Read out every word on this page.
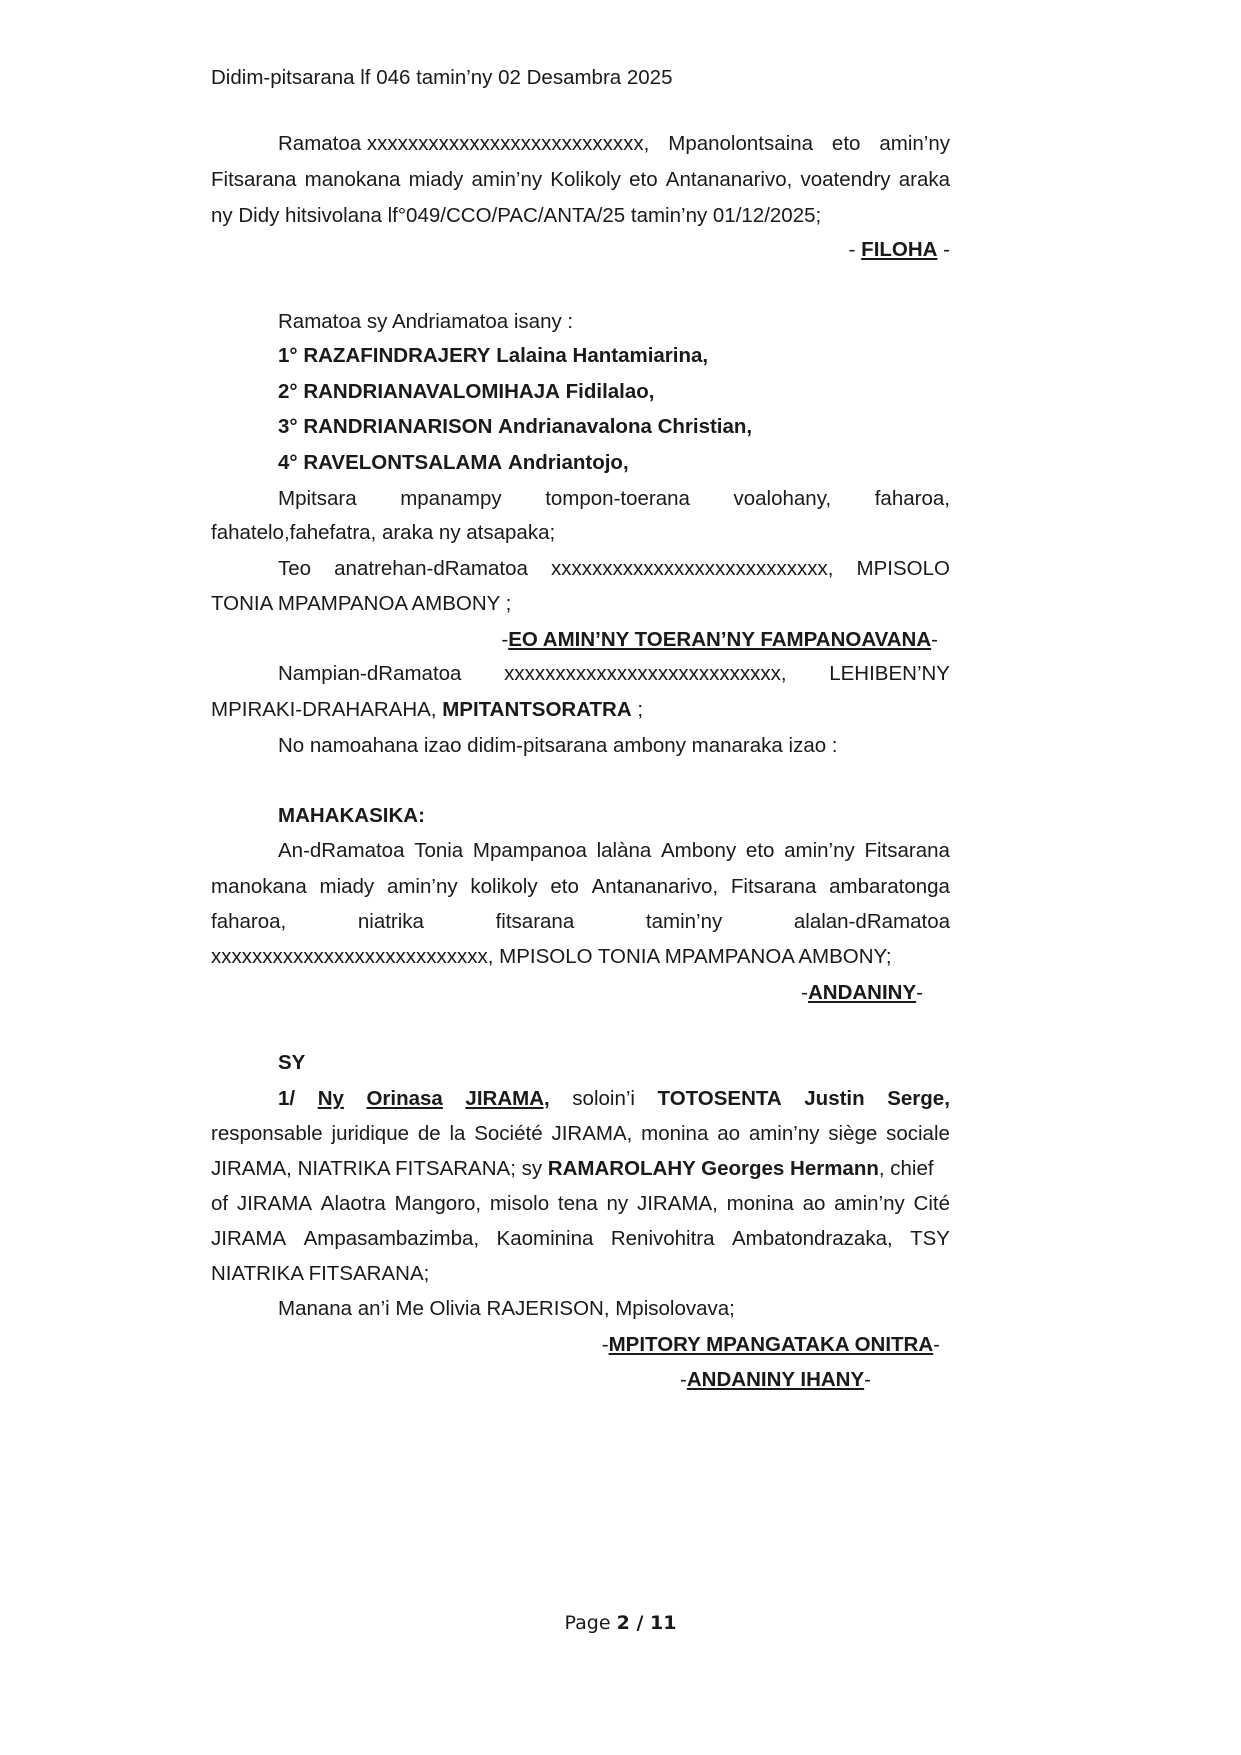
Didim-pitsarana lf 046 tamin’ny 02 Desambra 2025
Ramatoa xxxxxxxxxxxxxxxxxxxxxxxxxxx, Mpanolontsaina eto amin’ny
Fitsarana manokana miady amin’ny Kolikoly eto Antananarivo, voatendry araka
ny Didy hitsivolana lf°049/CCO/PAC/ANTA/25 tamin’ny 01/12/2025;
- FILOHA -
Ramatoa sy Andriamatoa isany :
1° RAZAFINDRAJERY Lalaina Hantamiarina,
2° RANDRIANAVALOMIHAJA Fidilalao,
3° RANDRIANARISON Andrianavalona Christian,
4° RAVELONTSALAMA Andriantojo,
Mpitsara mpanampy tompon-toerana voalohany, faharoa,
fahatelo,fahefatra, araka ny atsapaka;
Teo anatrehan-dRamatoa xxxxxxxxxxxxxxxxxxxxxxxxxxx, MPISOLO
TONIA MPAMPANOA AMBONY ;
-EO AMIN’NY TOERAN’NY FAMPANOAVANA-
Nampian-dRamatoa xxxxxxxxxxxxxxxxxxxxxxxxxxx, LEHIBEN’NY
MPIRAKI-DRAHARAHA, MPITANTSORATRA ;
No namoahana izao didim-pitsarana ambony manaraka izao :
MAHAKASIKA:
An-dRamatoa Tonia Mpampanoa lalàna Ambony eto amin’ny Fitsarana
manokana miady amin’ny kolikoly eto Antananarivo, Fitsarana ambaratonga
faharoa,	niatrika	fitsarana	tamin’ny	alalan-dRamatoa
xxxxxxxxxxxxxxxxxxxxxxxxxxx, MPISOLO TONIA MPAMPANOA AMBONY;
-ANDANINY-
SY
1/ Ny Orinasa JIRAMA, soloin’i TOTOSENTA Justin Serge,
responsable juridique de la Société JIRAMA, monina ao amin’ny siège sociale
JIRAMA, NIATRIKA FITSARANA; sy RAMAROLAHY Georges Hermann, chief
of JIRAMA Alaotra Mangoro, misolo tena ny JIRAMA, monina ao amin’ny Cité
JIRAMA Ampasambazimba, Kaominina Renivohitra Ambatondrazaka, TSY
NIATRIKA FITSARANA;
Manana an’i Me Olivia RAJERISON, Mpisolovava;
-MPITORY MPANGATAKA ONITRA-
-ANDANINY IHANY-
Page 2 / 11
